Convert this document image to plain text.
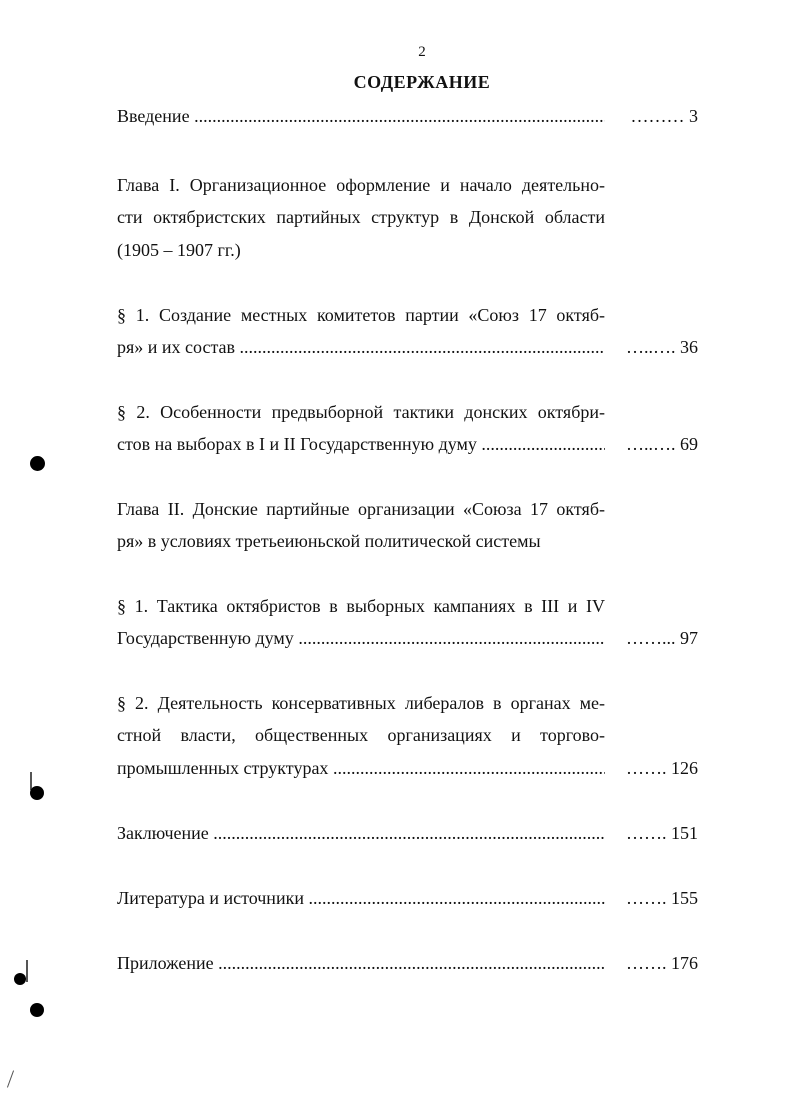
2
СОДЕРЖАНИЕ
Введение .....	……… 3
Глава I. Организационное оформление и начало деятельно-
сти октябристских партийных структур в Донской области
(1905 – 1907 гг.)
§ 1. Создание местных комитетов партии «Союз 17 октяб-
ря» и их состав .....	…..…. 36
§ 2. Особенности предвыборной тактики донских октябри-
стов на выборах в I и II Государственную думу .....	…..…. 69
Глава II. Донские партийные организации «Союза 17 октяб-
ря» в условиях третьеиюньской политической системы
§ 1. Тактика октябристов в выборных кампаниях в III и IV
Государственную думу .....	……... 97
§ 2. Деятельность консервативных либералов в органах ме-
стной власти, общественных организациях и торгово-
промышленных структурах .....	……. 126
Заключение .....	……. 151
Литература и источники .....	……. 155
Приложение .....	……. 176
